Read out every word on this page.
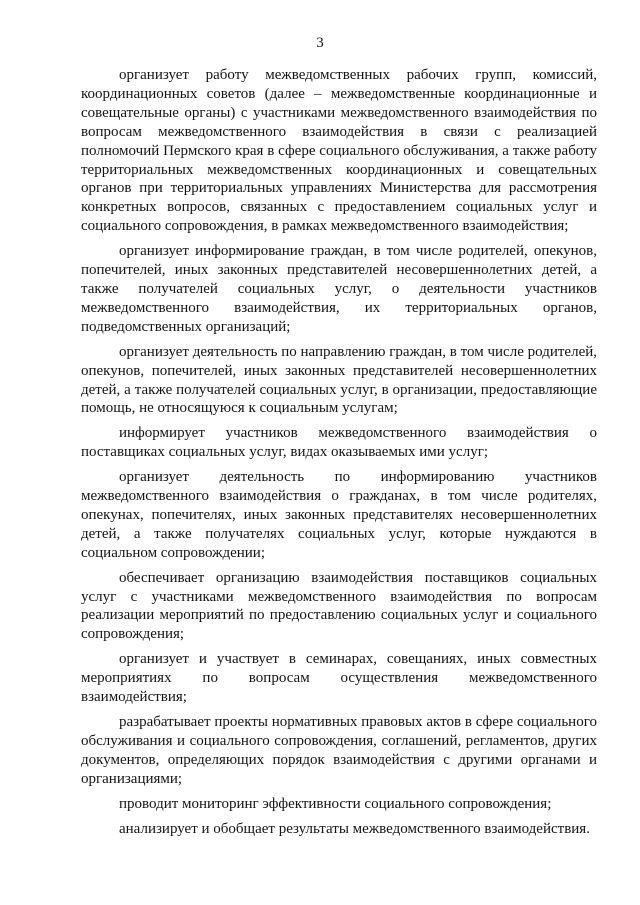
3

организует работу межведомственных рабочих групп, комиссий, координационных советов (далее – межведомственные координационные и совещательные органы) с участниками межведомственного взаимодействия по вопросам межведомственного взаимодействия в связи с реализацией полномочий Пермского края в сфере социального обслуживания, а также работу территориальных межведомственных координационных и совещательных органов при территориальных управлениях Министерства для рассмотрения конкретных вопросов, связанных с предоставлением социальных услуг и социального сопровождения, в рамках межведомственного взаимодействия;

организует информирование граждан, в том числе родителей, опекунов, попечителей, иных законных представителей несовершеннолетних детей, а также получателей социальных услуг, о деятельности участников межведомственного взаимодействия, их территориальных органов, подведомственных организаций;

организует деятельность по направлению граждан, в том числе родителей, опекунов, попечителей, иных законных представителей несовершеннолетних детей, а также получателей социальных услуг, в организации, предоставляющие помощь, не относящуюся к социальным услугам;

информирует участников межведомственного взаимодействия о поставщиках социальных услуг, видах оказываемых ими услуг;

организует деятельность по информированию участников межведомственного взаимодействия о гражданах, в том числе родителях, опекунах, попечителях, иных законных представителях несовершеннолетних детей, а также получателях социальных услуг, которые нуждаются в социальном сопровождении;

обеспечивает организацию взаимодействия поставщиков социальных услуг с участниками межведомственного взаимодействия по вопросам реализации мероприятий по предоставлению социальных услуг и социального сопровождения;

организует и участвует в семинарах, совещаниях, иных совместных мероприятиях по вопросам осуществления межведомственного взаимодействия;

разрабатывает проекты нормативных правовых актов в сфере социального обслуживания и социального сопровождения, соглашений, регламентов, других документов, определяющих порядок взаимодействия с другими органами и организациями;

проводит мониторинг эффективности социального сопровождения;

анализирует и обобщает результаты межведомственного взаимодействия.
